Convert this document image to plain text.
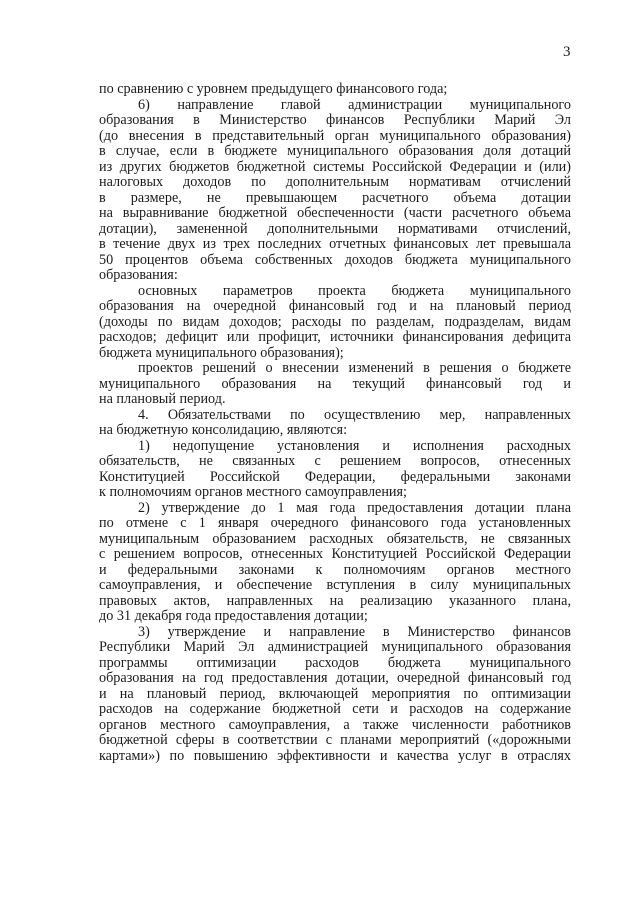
3
по сравнению с уровнем предыдущего финансового года;
6) направление главой администрации муниципального
образования в Министерство финансов Республики Марий Эл
(до внесения в представительный орган муниципального образования)
в случае, если в бюджете муниципального образования доля дотаций
из других бюджетов бюджетной системы Российской Федерации и (или)
налоговых доходов по дополнительным нормативам отчислений
в размере, не превышающем расчетного объема дотации
на выравнивание бюджетной обеспеченности (части расчетного объема
дотации), замененной дополнительными нормативами отчислений,
в течение двух из трех последних отчетных финансовых лет превышала
50 процентов объема собственных доходов бюджета муниципального
образования:
основных параметров проекта бюджета муниципального
образования на очередной финансовый год и на плановый период
(доходы по видам доходов; расходы по разделам, подразделам, видам
расходов; дефицит или профицит, источники финансирования дефицита
бюджета муниципального образования);
проектов решений о внесении изменений в решения о бюджете
муниципального образования на текущий финансовый год и
на плановый период.
4. Обязательствами по осуществлению мер, направленных
на бюджетную консолидацию, являются:
1) недопущение установления и исполнения расходных
обязательств, не связанных с решением вопросов, отнесенных
Конституцией Российской Федерации, федеральными законами
к полномочиям органов местного самоуправления;
2) утверждение до 1 мая года предоставления дотации плана
по отмене с 1 января очередного финансового года установленных
муниципальным образованием расходных обязательств, не связанных
с решением вопросов, отнесенных Конституцией Российской Федерации
и федеральными законами к полномочиям органов местного
самоуправления, и обеспечение вступления в силу муниципальных
правовых актов, направленных на реализацию указанного плана,
до 31 декабря года предоставления дотации;
3) утверждение и направление в Министерство финансов
Республики Марий Эл администрацией муниципального образования
программы оптимизации расходов бюджета муниципального
образования на год предоставления дотации, очередной финансовый год
и на плановый период, включающей мероприятия по оптимизации
расходов на содержание бюджетной сети и расходов на содержание
органов местного самоуправления, а также численности работников
бюджетной сферы в соответствии с планами мероприятий («дорожными
картами») по повышению эффективности и качества услуг в отраслях
